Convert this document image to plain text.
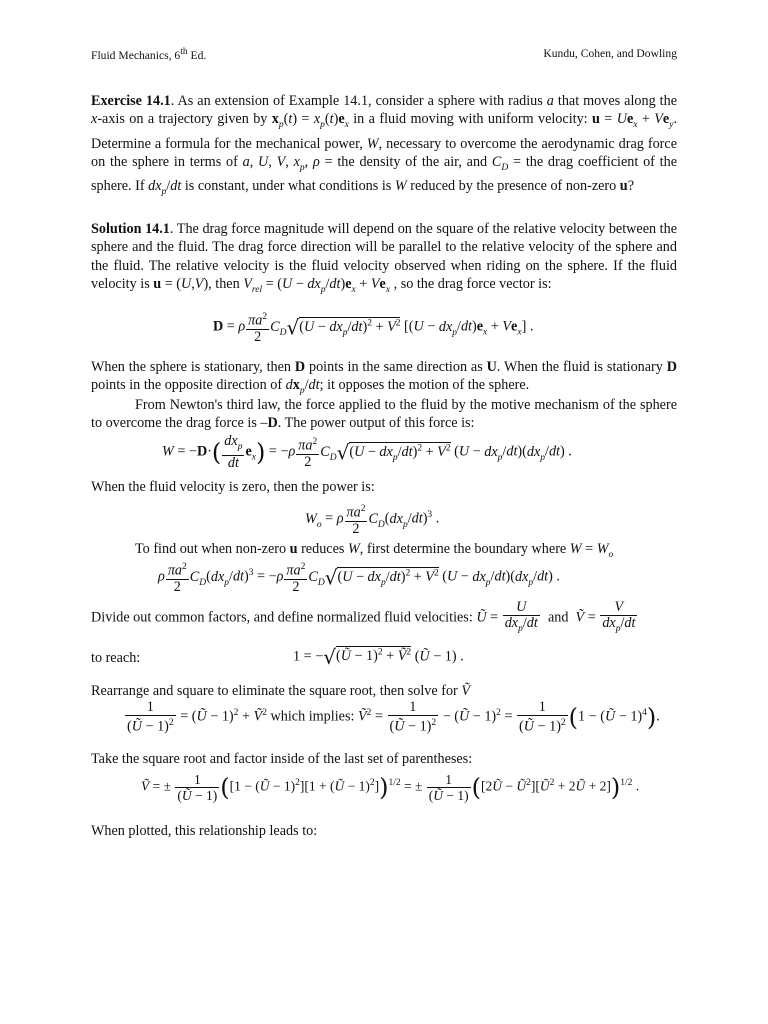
Fluid Mechanics, 6th Ed.	Kundu, Cohen, and Dowling

Exercise 14.1. As an extension of Example 14.1, consider a sphere with radius a that moves along the x-axis on a trajectory given by $x_p(t) = x_p(t)e_x$ in a fluid moving with uniform velocity: $u = Ue_x + Ve_y$. Determine a formula for the mechanical power, W, necessary to overcome the aerodynamic drag force on the sphere in terms of a, U, V, $x_p$, ρ = the density of the air, and $C_D$ = the drag coefficient of the sphere. If $dx_p/dt$ is constant, under what conditions is W reduced by the presence of non-zero u?

Solution 14.1. The drag force magnitude will depend on the square of the relative velocity between the sphere and the fluid. The drag force direction will be parallel to the relative velocity of the sphere and the fluid. The relative velocity is the fluid velocity observed when riding on the sphere. If the fluid velocity is u = (U,V), then $V_{rel} = (U - dx_p/dt)e_x + Ve_x$ , so the drag force vector is:

D = ρ $\frac{\pi a^2}{2} C_D√(U - dx_p/dt)^2 + V^2$ $[(U - dx_p/dt)e_x + Ve_x]$ .

When the sphere is stationary, then D points in the same direction as U. When the fluid is stationary D points in the opposite direction of $dx_p/dt$; it opposes the motion of the sphere.

From Newton's third law, the force applied to the fluid by the motive mechanism of the sphere to overcome the drag force is –D. The power output of this force is:

$W = -D\cdot( \frac{dx_p}{dt} e_x) = -\rho \frac{\pi a^2}{2} C_D√(U - dx_p/dt)^2 + V^2$ $(U - dx_p/dt)(dx_p/dt)$ .

When the fluid velocity is zero, then the power is:

$W_o = \rho \frac{\pi a^2}{2} C_D(dx_p/dt)^3$ .

To find out when non-zero u reduces W, first determine the boundary where $W = W_o$

ρ $\frac{\pi a^2}{2} C_D(dx_p/dt)^3 = -\rho \frac{\pi a^2}{2} C_D√(U - dx_p/dt)^2 + V^2$ $(U - dx_p/dt)(dx_p/dt)$ .
Divide out common factors, and define normalized fluid velocities: Ũ = $\frac{U}{dx_p/dt}$ and Ṽ = $\frac{V}{dx_p/dt}$
to reach:	1 = −√(Ũ − 1)$^2$ + Ṽ$^2$ (Ũ − 1) .

Rearrange and square to eliminate the square root, then solve for Ṽ

$\frac{1}{(Ũ - 1)^2}$ = (Ũ − 1)$^2$ + Ṽ$^2$ which implies: Ṽ$^2$ = $\frac{1}{(Ũ - 1)^2}$ − (Ũ − $1)^2 = \frac{1}{(Ũ - 1)^2} (1$ − (Ũ − 1)$^4$).

Take the square root and factor inside of the last set of parentheses:

Ṽ = ± $\frac{1}{(Ũ - 1)} ([1$ − (Ũ − 1)$^2$][1 + (Ũ − 1)$^2$])$^{1/2}$ = ± $\frac{1}{(Ũ - 1)}$ ([2Ũ − $Ũ^2][Ũ^2$ + 2Ũ + 2])$^{1/2}$ .

When plotted, this relationship leads to:
